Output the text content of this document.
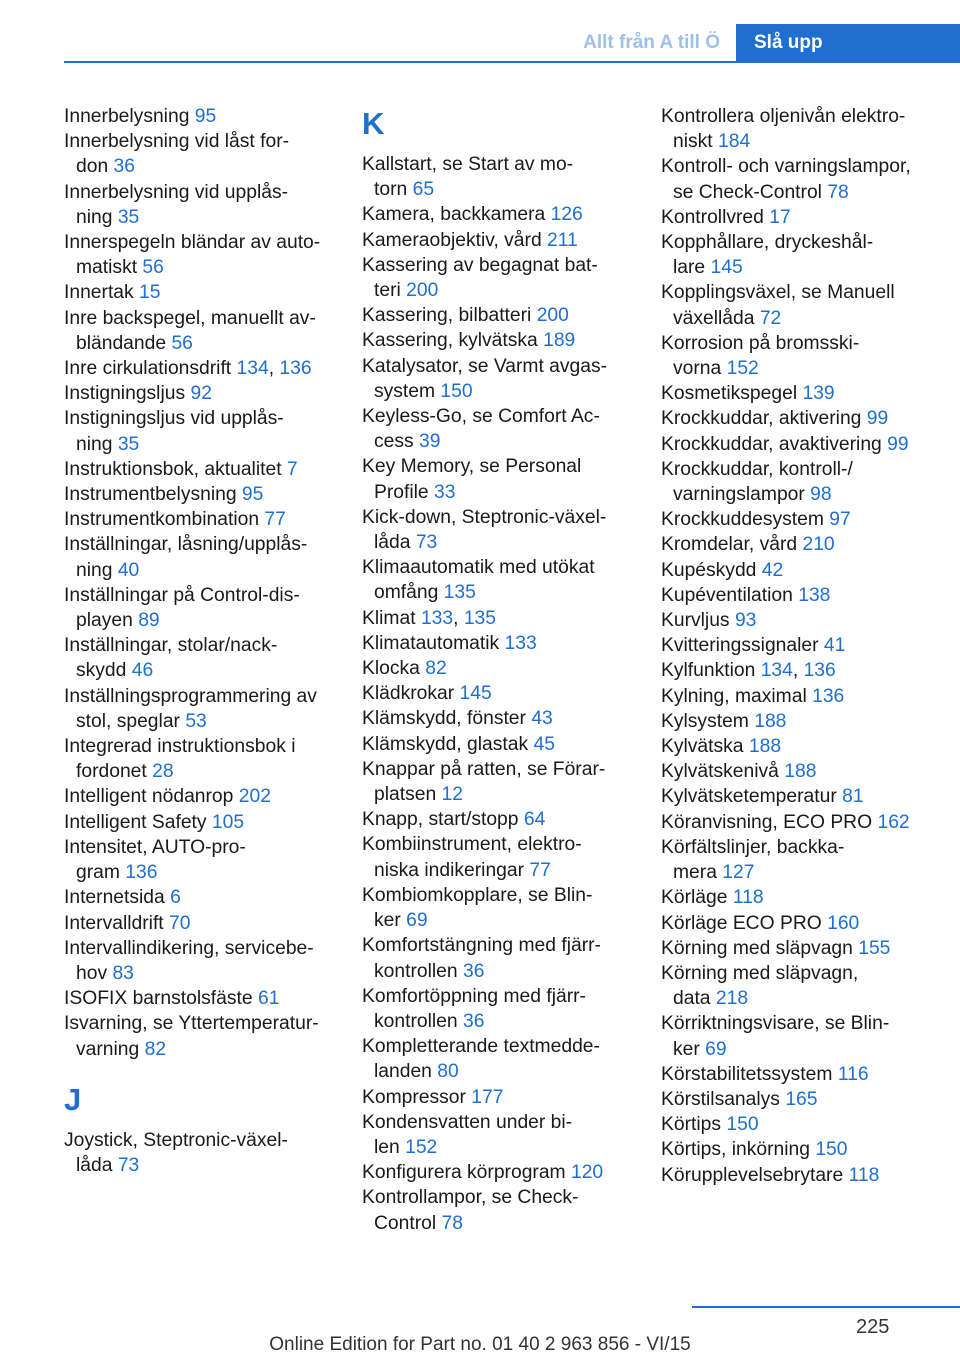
Allt från A till Ö	Slå upp
Innerbelysning 95
Innerbelysning vid låst for-
don 36
Innerbelysning vid upplås-
ning 35
Innerspegeln bländar av auto-
matiskt 56
Innertak 15
Inre backspegel, manuellt av-
bländande 56
Inre cirkulationsdrift 134, 136
Instigningsljus 92
Instigningsljus vid upplås-
ning 35
Instruktionsbok, aktualitet 7
Instrumentbelysning 95
Instrumentkombination 77
Inställningar, låsning/upplås-
ning 40
Inställningar på Control-dis-
playen 89
Inställningar, stolar/nack-
skydd 46
Inställningsprogrammering av
stol, speglar 53
Integrerad instruktionsbok i
fordonet 28
Intelligent nödanrop 202
Intelligent Safety 105
Intensitet, AUTO-pro-
gram 136
Internetsida 6
Intervalldrift 70
Intervallindikering, servicebe-
hov 83
ISOFIX barnstolsfäste 61
Isvarning, se Yttertemperatur-
varning 82
J
Joystick, Steptronic-växel-
låda 73
K
Kallstart, se Start av mo-
torn 65
Kamera, backkamera 126
Kameraobjektiv, vård 211
Kassering av begagnat bat-
teri 200
Kassering, bilbatteri 200
Kassering, kylvätska 189
Katalysator, se Varmt avgas-
system 150
Keyless-Go, se Comfort Ac-
cess 39
Key Memory, se Personal
Profile 33
Kick-down, Steptronic-växel-
låda 73
Klimaautomatik med utökat
omfång 135
Klimat 133, 135
Klimatautomatik 133
Klocka 82
Klädkrokar 145
Klämskydd, fönster 43
Klämskydd, glastak 45
Knappar på ratten, se Förar-
platsen 12
Knapp, start/stopp 64
Kombiinstrument, elektro-
niska indikeringar 77
Kombiomkopplare, se Blin-
ker 69
Komfortstängning med fjärr-
kontrollen 36
Komfortöppning med fjärr-
kontrollen 36
Kompletterande textmedde-
landen 80
Kompressor 177
Kondensvatten under bi-
len 152
Konfigurera körprogram 120
Kontrollampor, se Check-
Control 78
Kontrollera oljenivån elektro-
niskt 184
Kontroll- och varningslampor,
se Check-Control 78
Kontrollvred 17
Kopphållare, dryckeshål-
lare 145
Kopplingsväxel, se Manuell
växellåda 72
Korrosion på bromsski-
vorna 152
Kosmetikspegel 139
Krockkuddar, aktivering 99
Krockkuddar, avaktivering 99
Krockkuddar, kontroll-/
varningslampor 98
Krockkuddesystem 97
Kromdelar, vård 210
Kupéskydd 42
Kupéventilation 138
Kurvljus 93
Kvitteringssignaler 41
Kylfunktion 134, 136
Kylning, maximal 136
Kylsystem 188
Kylvätska 188
Kylvätskenivå 188
Kylvätsketemperatur 81
Köranvisning, ECO PRO 162
Körfältslinjer, backka-
mera 127
Körläge 118
Körläge ECO PRO 160
Körning med släpvagn 155
Körning med släpvagn,
data 218
Körriktningsvisare, se Blin-
ker 69
Körstabilitetssystem 116
Körstilsanalys 165
Körtips 150
Körtips, inkörning 150
Körupplevelsebrytare 118
225
Online Edition for Part no. 01 40 2 963 856 - VI/15
